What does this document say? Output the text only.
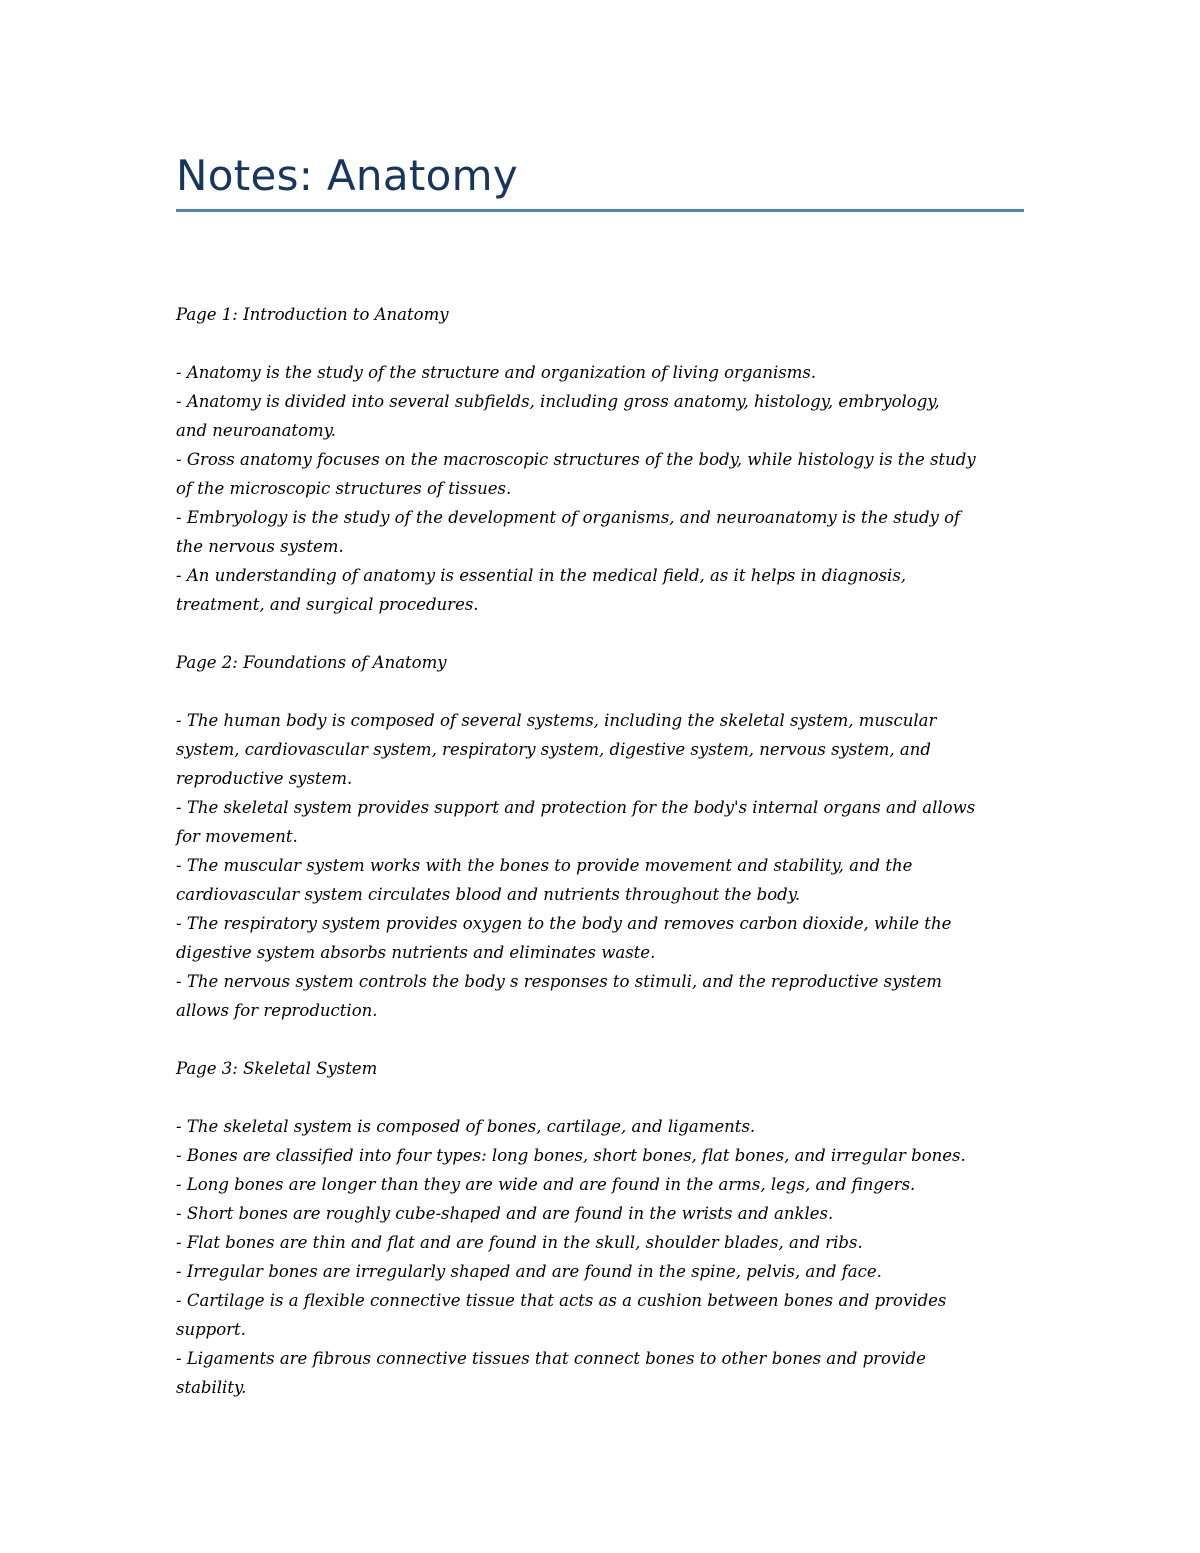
Notes: Anatomy
Page 1: Introduction to Anatomy
- Anatomy is the study of the structure and organization of living organisms.
- Anatomy is divided into several subfields, including gross anatomy, histology, embryology,
and neuroanatomy.
- Gross anatomy focuses on the macroscopic structures of the body, while histology is the study
of the microscopic structures of tissues.
- Embryology is the study of the development of organisms, and neuroanatomy is the study of
the nervous system.
- An understanding of anatomy is essential in the medical field, as it helps in diagnosis,
treatment, and surgical procedures.
Page 2: Foundations of Anatomy
- The human body is composed of several systems, including the skeletal system, muscular
system, cardiovascular system, respiratory system, digestive system, nervous system, and
reproductive system.
- The skeletal system provides support and protection for the body's internal organs and allows
for movement.
- The muscular system works with the bones to provide movement and stability, and the
cardiovascular system circulates blood and nutrients throughout the body.
- The respiratory system provides oxygen to the body and removes carbon dioxide, while the
digestive system absorbs nutrients and eliminates waste.
- The nervous system controls the body s responses to stimuli, and the reproductive system
allows for reproduction.
Page 3: Skeletal System
- The skeletal system is composed of bones, cartilage, and ligaments.
- Bones are classified into four types: long bones, short bones, flat bones, and irregular bones.
- Long bones are longer than they are wide and are found in the arms, legs, and fingers.
- Short bones are roughly cube-shaped and are found in the wrists and ankles.
- Flat bones are thin and flat and are found in the skull, shoulder blades, and ribs.
- Irregular bones are irregularly shaped and are found in the spine, pelvis, and face.
- Cartilage is a flexible connective tissue that acts as a cushion between bones and provides
support.
- Ligaments are fibrous connective tissues that connect bones to other bones and provide
stability.
